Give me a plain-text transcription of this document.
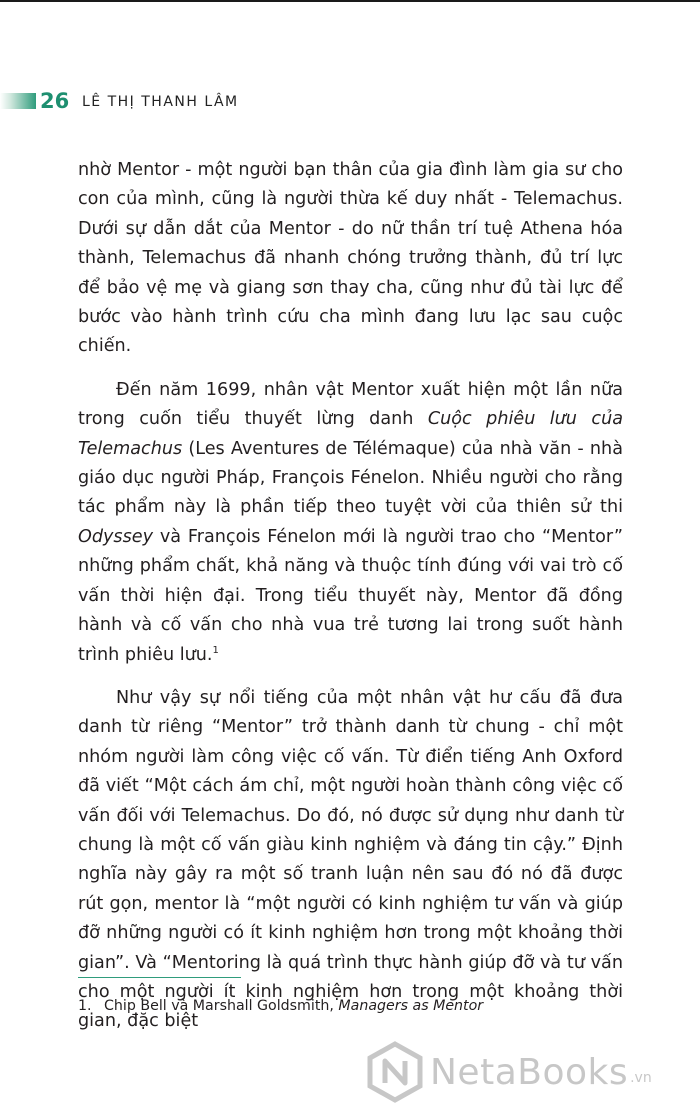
26 LÊ THỊ THANH LÂM

nhờ Mentor - một người bạn thân của gia đình làm gia sư cho con của mình, cũng là người thừa kế duy nhất - Telemachus. Dưới sự dẫn dắt của Mentor - do nữ thần trí tuệ Athena hóa thành, Telemachus đã nhanh chóng trưởng thành, đủ trí lực để bảo vệ mẹ và giang sơn thay cha, cũng như đủ tài lực để bước vào hành trình cứu cha mình đang lưu lạc sau cuộc chiến.

Đến năm 1699, nhân vật Mentor xuất hiện một lần nữa trong cuốn tiểu thuyết lừng danh Cuộc phiêu lưu của Telemachus (Les Aventures de Télémaque) của nhà văn - nhà giáo dục người Pháp, François Fénelon. Nhiều người cho rằng tác phẩm này là phần tiếp theo tuyệt vời của thiên sử thi Odyssey và François Fénelon mới là người trao cho “Mentor” những phẩm chất, khả năng và thuộc tính đúng với vai trò cố vấn thời hiện đại. Trong tiểu thuyết này, Mentor đã đồng hành và cố vấn cho nhà vua trẻ tương lai trong suốt hành trình phiêu lưu.$^1$

Như vậy sự nổi tiếng của một nhân vật hư cấu đã đưa danh từ riêng “Mentor” trở thành danh từ chung - chỉ một nhóm người làm công việc cố vấn. Từ điển tiếng Anh Oxford đã viết “Một cách ám chỉ, một người hoàn thành công việc cố vấn đối với Telemachus. Do đó, nó được sử dụng như danh từ chung là một cố vấn giàu kinh nghiệm và đáng tin cậy.” Định nghĩa này gây ra một số tranh luận nên sau đó nó đã được rút gọn, mentor là “một người có kinh nghiệm tư vấn và giúp đỡ những người có ít kinh nghiệm hơn trong một khoảng thời gian”. Và “Mentoring là quá trình thực hành giúp đỡ và tư vấn cho một người ít kinh nghiệm hơn trong một khoảng thời gian, đặc biệt

1. Chip Bell và Marshall Goldsmith, Managers as Mentor
NetaBooks .vn
